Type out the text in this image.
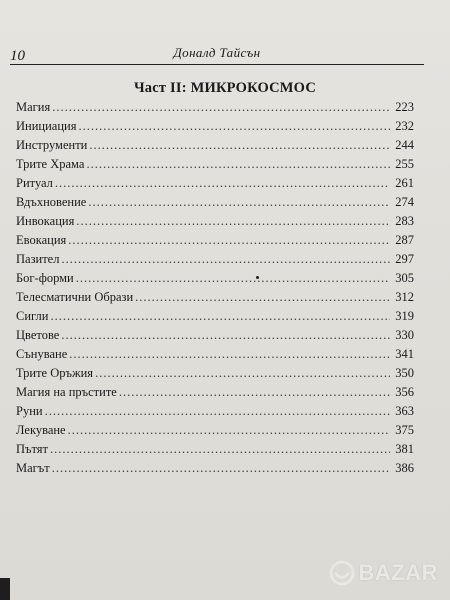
10	Доналд Тайсън
Част II: МИКРОКОСМОС
Магия .....	223
Инициация .....	232
Инструменти .....	244
Трите Храма .....	255
Ритуал .....	261
Вдъхновение .....	274
Инвокация .....	283
Евокация .....	287
Пазител .....	297
Бог-форми .....	305
Телесматични Образи .....	312
Сигли .....	319
Цветове .....	330
Сънуване .....	341
Трите Оръжия .....	350
Магия на пръстите .....	356
Руни .....	363
Лекуване .....	375
Пътят .....	381
Магът .....	386
BAZAR
